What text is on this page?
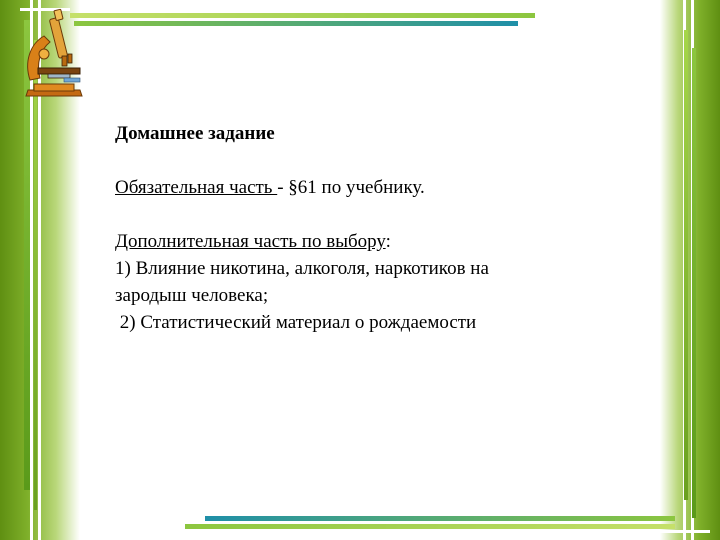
Домашнее задание

Обязательная часть - §61 по учебнику.

Дополнительная часть по выбору:

1) Влияние никотина, алкоголя, наркотиков на

зародыш человека;

2) Статистический материал о рождаемости
